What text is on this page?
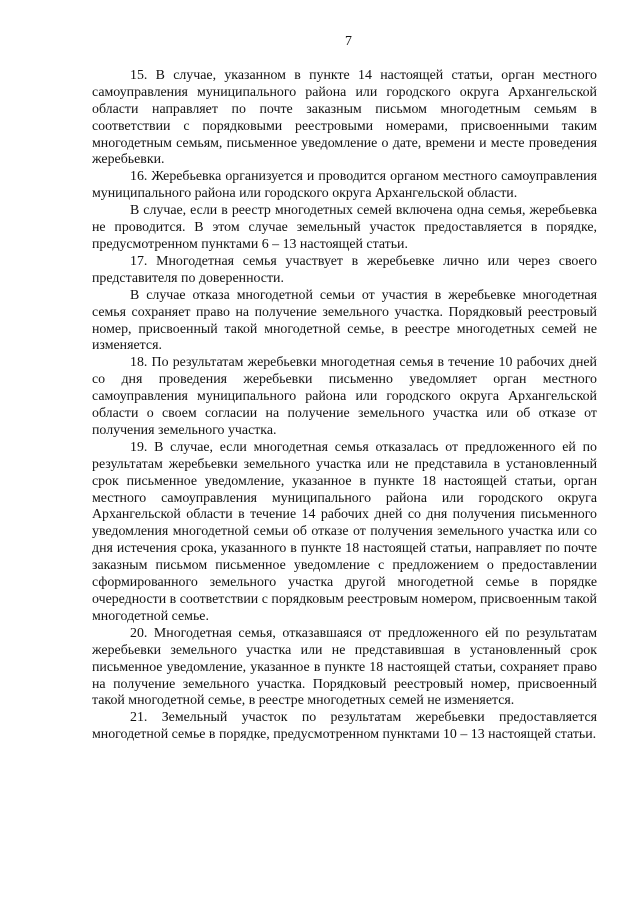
7

15. В случае, указанном в пункте 14 настоящей статьи, орган местного самоуправления муниципального района или городского округа Архангельской области направляет по почте заказным письмом многодетным семьям в соответствии с порядковыми реестровыми номерами, присвоенными таким многодетным семьям, письменное уведомление о дате, времени и месте проведения жеребьевки.

16. Жеребьевка организуется и проводится органом местного самоуправления муниципального района или городского округа Архангельской области.

В случае, если в реестр многодетных семей включена одна семья, жеребьевка не проводится. В этом случае земельный участок предоставляется в порядке, предусмотренном пунктами 6 – 13 настоящей статьи.

17. Многодетная семья участвует в жеребьевке лично или через своего представителя по доверенности.

В случае отказа многодетной семьи от участия в жеребьевке многодетная семья сохраняет право на получение земельного участка. Порядковый реестровый номер, присвоенный такой многодетной семье, в реестре многодетных семей не изменяется.

18. По результатам жеребьевки многодетная семья в течение 10 рабочих дней со дня проведения жеребьевки письменно уведомляет орган местного самоуправления муниципального района или городского округа Архангельской области о своем согласии на получение земельного участка или об отказе от получения земельного участка.

19. В случае, если многодетная семья отказалась от предложенного ей по результатам жеребьевки земельного участка или не представила в установленный срок письменное уведомление, указанное в пункте 18 настоящей статьи, орган местного самоуправления муниципального района или городского округа Архангельской области в течение 14 рабочих дней со дня получения письменного уведомления многодетной семьи об отказе от получения земельного участка или со дня истечения срока, указанного в пункте 18 настоящей статьи, направляет по почте заказным письмом письменное уведомление с предложением о предоставлении сформированного земельного участка другой многодетной семье в порядке очередности в соответствии с порядковым реестровым номером, присвоенным такой многодетной семье.

20. Многодетная семья, отказавшаяся от предложенного ей по результатам жеребьевки земельного участка или не представившая в установленный срок письменное уведомление, указанное в пункте 18 настоящей статьи, сохраняет право на получение земельного участка. Порядковый реестровый номер, присвоенный такой многодетной семье, в реестре многодетных семей не изменяется.

21. Земельный участок по результатам жеребьевки предоставляется многодетной семье в порядке, предусмотренном пунктами 10 – 13 настоящей статьи.
